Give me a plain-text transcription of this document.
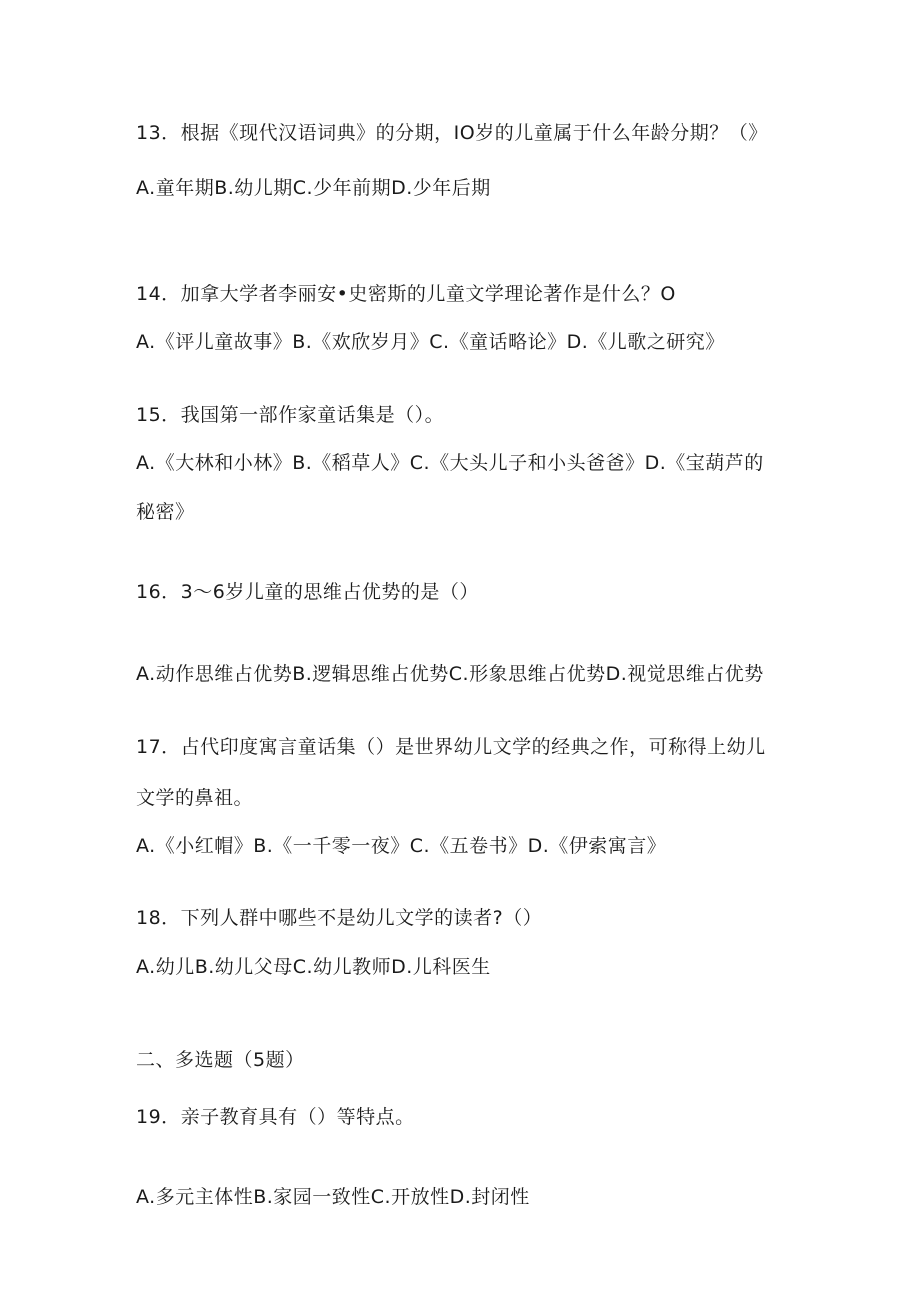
13．根据《现代汉语词典》的分期，IO岁的儿童属于什么年龄分期？（》
A.童年期B.幼儿期C.少年前期D.少年后期
14．加拿大学者李丽安•史密斯的儿童文学理论著作是什么？O
A.《评儿童故事》B.《欢欣岁月》C.《童话略论》D.《儿歌之研究》
15．我国第一部作家童话集是（）。
A.《大林和小林》B.《稻草人》C.《大头儿子和小头爸爸》D.《宝葫芦的
秘密》
16．3～6岁儿童的思维占优势的是（）
A.动作思维占优势B.逻辑思维占优势C.形象思维占优势D.视觉思维占优势
17．占代印度寓言童话集（）是世界幼儿文学的经典之作，可称得上幼儿
文学的鼻祖。
A.《小红帽》B.《一千零一夜》C.《五卷书》D.《伊索寓言》
18．下列人群中哪些不是幼儿文学的读者?（）
A.幼儿B.幼儿父母C.幼儿教师D.儿科医生
二、多选题（5题）
19．亲子教育具有（）等特点。
A.多元主体性B.家园一致性C.开放性D.封闭性
